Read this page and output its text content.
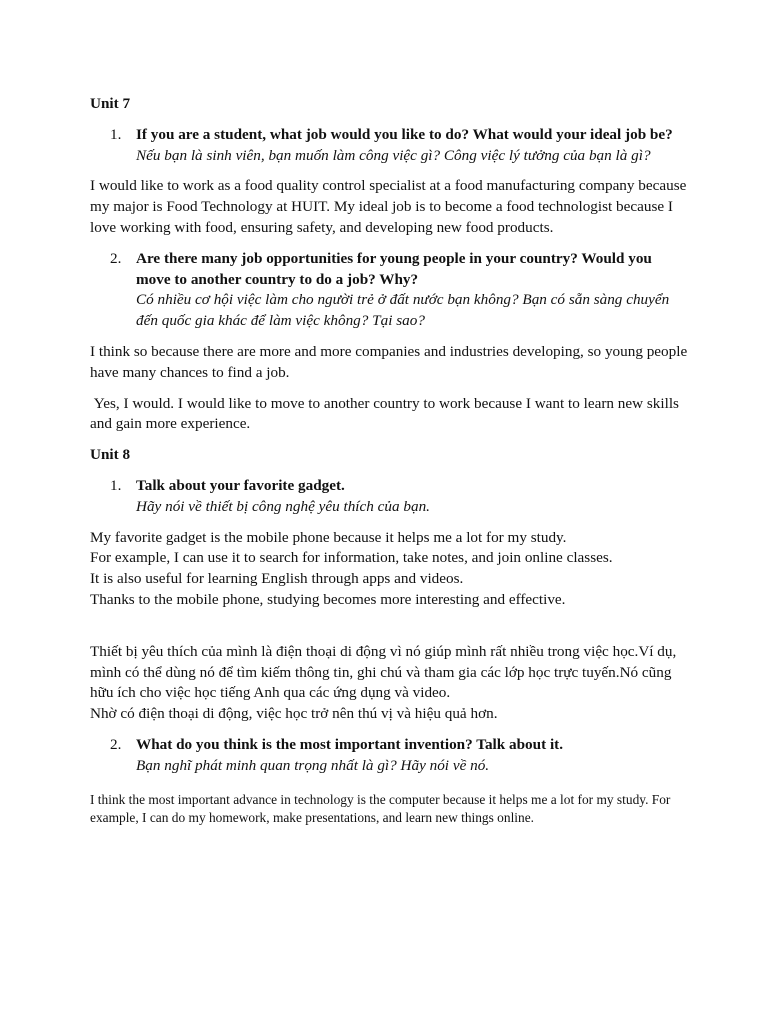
Unit 7

1. If you are a student, what job would you like to do? What would your ideal job be?
Nếu bạn là sinh viên, bạn muốn làm công việc gì? Công việc lý tưởng của bạn là gì?

I would like to work as a food quality control specialist at a food manufacturing company because my major is Food Technology at HUIT. My ideal job is to become a food technologist because I love working with food, ensuring safety, and developing new food products.

2. Are there many job opportunities for young people in your country? Would you move to another country to do a job? Why?
Có nhiều cơ hội việc làm cho người trẻ ở đất nước bạn không? Bạn có sẵn sàng chuyển đến quốc gia khác để làm việc không? Tại sao?

I think so because there are more and more companies and industries developing, so young people have many chances to find a job.

Yes, I would. I would like to move to another country to work because I want to learn new skills and gain more experience.

Unit 8

1. Talk about your favorite gadget.
Hãy nói về thiết bị công nghệ yêu thích của bạn.
My favorite gadget is the mobile phone because it helps me a lot for my study.
For example, I can use it to search for information, take notes, and join online classes.
It is also useful for learning English through apps and videos.
Thanks to the mobile phone, studying becomes more interesting and effective.
Thiết bị yêu thích của mình là điện thoại di động vì nó giúp mình rất nhiều trong việc học.Ví dụ, mình có thể dùng nó để tìm kiếm thông tin, ghi chú và tham gia các lớp học trực tuyến.Nó cũng hữu ích cho việc học tiếng Anh qua các ứng dụng và video.
Nhờ có điện thoại di động, việc học trở nên thú vị và hiệu quả hơn.
2. What do you think is the most important invention? Talk about it.
Bạn nghĩ phát minh quan trọng nhất là gì? Hãy nói về nó.

I think the most important advance in technology is the computer because it helps me a lot for my study. For example, I can do my homework, make presentations, and learn new things online.
